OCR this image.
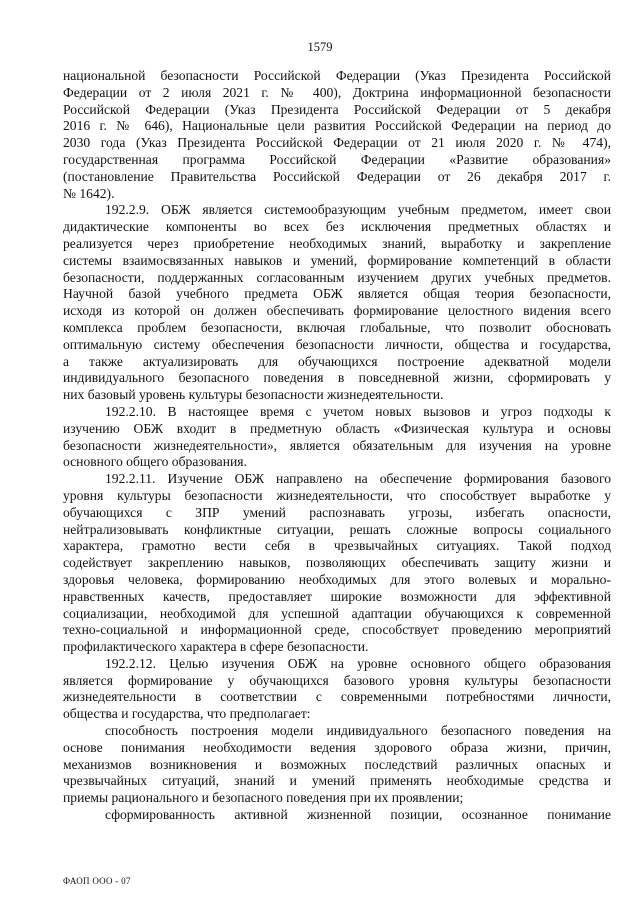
1579

национальной безопасности Российской Федерации (Указ Президента Российской

Федерации от 2 июля 2021 г. № 400), Доктрина информационной безопасности

Российской Федерации (Указ Президента Российской Федерации от 5 декабря

2016 г. № 646), Национальные цели развития Российской Федерации на период до

2030 года (Указ Президента Российской Федерации от 21 июля 2020 г. № 474),

государственная программа Российской Федерации «Развитие образования»

(постановление Правительства Российской Федерации от 26 декабря 2017 г.

№ 1642).

192.2.9. ОБЖ является системообразующим учебным предметом, имеет свои

дидактические компоненты во всех без исключения предметных областях и

реализуется через приобретение необходимых знаний, выработку и закрепление

системы взаимосвязанных навыков и умений, формирование компетенций в области

безопасности, поддержанных согласованным изучением других учебных предметов.

Научной базой учебного предмета ОБЖ является общая теория безопасности,

исходя из которой он должен обеспечивать формирование целостного видения всего

комплекса проблем безопасности, включая глобальные, что позволит обосновать

оптимальную систему обеспечения безопасности личности, общества и государства,

а также актуализировать для обучающихся построение адекватной модели

индивидуального безопасного поведения в повседневной жизни, сформировать у

них базовый уровень культуры безопасности жизнедеятельности.

192.2.10. В настоящее время с учетом новых вызовов и угроз подходы к

изучению ОБЖ входит в предметную область «Физическая культура и основы

безопасности жизнедеятельности», является обязательным для изучения на уровне

основного общего образования.

192.2.11. Изучение ОБЖ направлено на обеспечение формирования базового

уровня культуры безопасности жизнедеятельности, что способствует выработке у

обучающихся с ЗПР умений распознавать угрозы, избегать опасности,

нейтрализовывать конфликтные ситуации, решать сложные вопросы социального

характера, грамотно вести себя в чрезвычайных ситуациях. Такой подход

содействует закреплению навыков, позволяющих обеспечивать защиту жизни и

здоровья человека, формированию необходимых для этого волевых и морально-

нравственных качеств, предоставляет широкие возможности для эффективной

социализации, необходимой для успешной адаптации обучающихся к современной

техно-социальной и информационной среде, способствует проведению мероприятий

профилактического характера в сфере безопасности.

192.2.12. Целью изучения ОБЖ на уровне основного общего образования

является формирование у обучающихся базового уровня культуры безопасности

жизнедеятельности в соответствии с современными потребностями личности,

общества и государства, что предполагает:

способность построения модели индивидуального безопасного поведения на

основе понимания необходимости ведения здорового образа жизни, причин,

механизмов возникновения и возможных последствий различных опасных и

чрезвычайных ситуаций, знаний и умений применять необходимые средства и

приемы рационального и безопасного поведения при их проявлении;

сформированность активной жизненной позиции, осознанное понимание

ФАОП ООО - 07
